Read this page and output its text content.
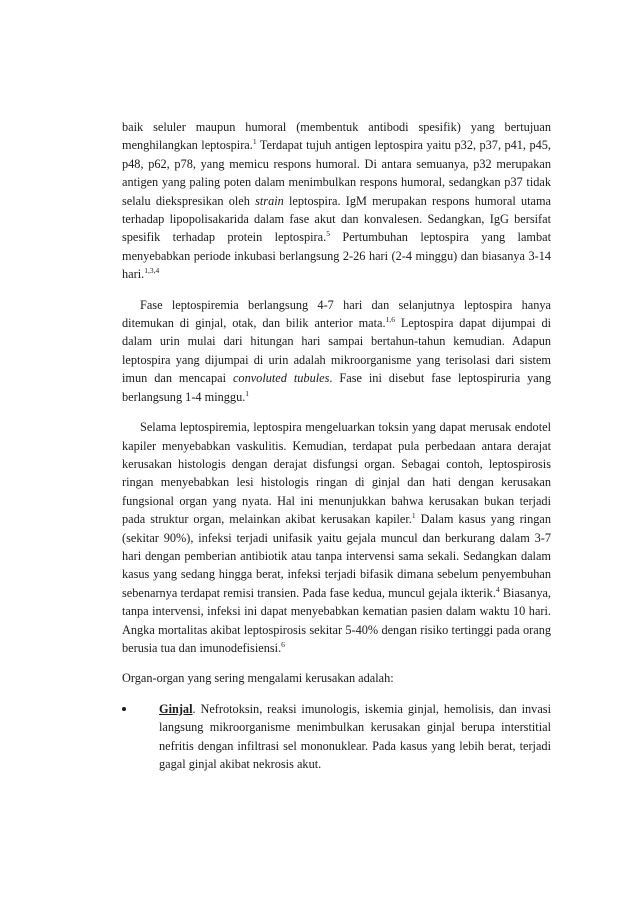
baik seluler maupun humoral (membentuk antibodi spesifik) yang bertujuan menghilangkan leptospira.$^1$ Terdapat tujuh antigen leptospira yaitu p32, p37, p41, p45, p48, p62, p78, yang memicu respons humoral. Di antara semuanya, p32 merupakan antigen yang paling poten dalam menimbulkan respons humoral, sedangkan p37 tidak selalu diekspresikan oleh strain leptospira. IgM merupakan respons humoral utama terhadap lipopolisakarida dalam fase akut dan konvalesen. Sedangkan, IgG bersifat spesifik terhadap protein leptospira.$^5$ Pertumbuhan leptospira yang lambat menyebabkan periode inkubasi berlangsung 2-26 hari (2-4 minggu) dan biasanya 3-14 hari.$^{1,3,4}$

Fase leptospiremia berlangsung 4-7 hari dan selanjutnya leptospira hanya ditemukan di ginjal, otak, dan bilik anterior mata.$^{1,6}$ Leptospira dapat dijumpai di dalam urin mulai dari hitungan hari sampai bertahun-tahun kemudian. Adapun leptospira yang dijumpai di urin adalah mikroorganisme yang terisolasi dari sistem imun dan mencapai convoluted tubules. Fase ini disebut fase leptospiruria yang berlangsung 1-4 minggu.$^1$

Selama leptospiremia, leptospira mengeluarkan toksin yang dapat merusak endotel kapiler menyebabkan vaskulitis. Kemudian, terdapat pula perbedaan antara derajat kerusakan histologis dengan derajat disfungsi organ. Sebagai contoh, leptospirosis ringan menyebabkan lesi histologis ringan di ginjal dan hati dengan kerusakan fungsional organ yang nyata. Hal ini menunjukkan bahwa kerusakan bukan terjadi pada struktur organ, melainkan akibat kerusakan kapiler.$^1$ Dalam kasus yang ringan (sekitar 90%), infeksi terjadi unifasik yaitu gejala muncul dan berkurang dalam 3-7 hari dengan pemberian antibiotik atau tanpa intervensi sama sekali. Sedangkan dalam kasus yang sedang hingga berat, infeksi terjadi bifasik dimana sebelum penyembuhan sebenarnya terdapat remisi transien. Pada fase kedua, muncul gejala ikterik.$^4$ Biasanya, tanpa intervensi, infeksi ini dapat menyebabkan kematian pasien dalam waktu 10 hari. Angka mortalitas akibat leptospirosis sekitar 5-40% dengan risiko tertinggi pada orang berusia tua dan imunodefisiensi.$^6$

Organ-organ yang sering mengalami kerusakan adalah:

Ginjal. Nefrotoksin, reaksi imunologis, iskemia ginjal, hemolisis, dan invasi langsung mikroorganisme menimbulkan kerusakan ginjal berupa interstitial nefritis dengan infiltrasi sel mononuklear. Pada kasus yang lebih berat, terjadi gagal ginjal akibat nekrosis akut.
